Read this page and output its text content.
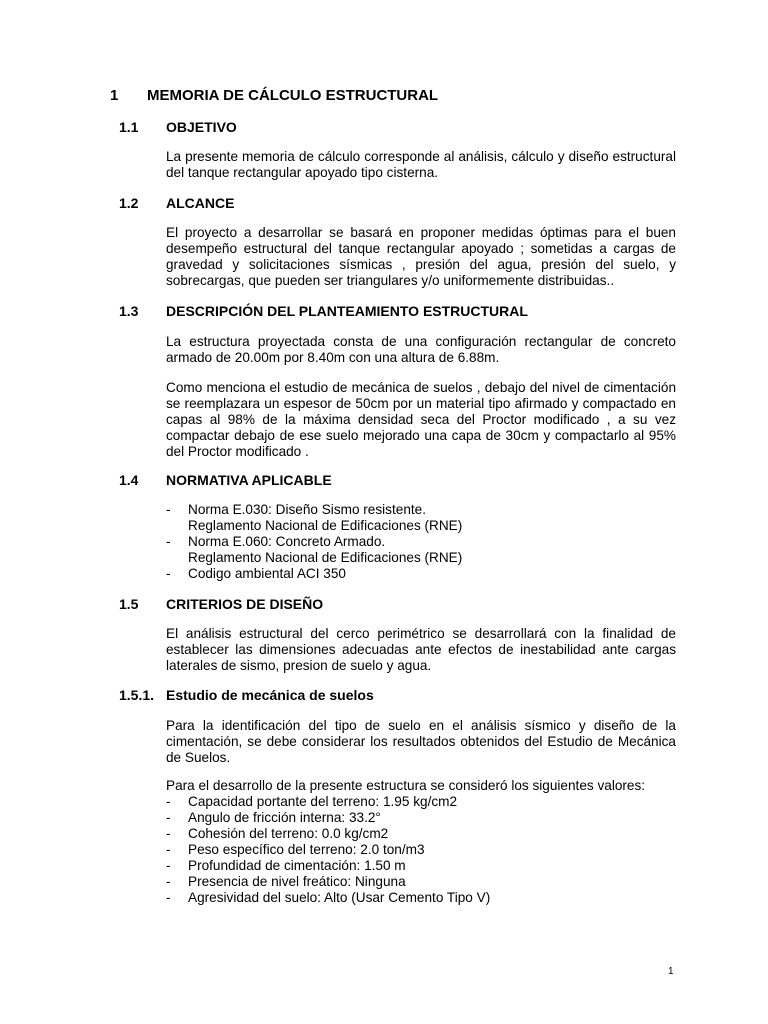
1 MEMORIA DE CÁLCULO ESTRUCTURAL
1.1 OBJETIVO
La presente memoria de cálculo corresponde al análisis, cálculo y diseño estructural del tanque rectangular apoyado tipo cisterna.
1.2 ALCANCE
El proyecto a desarrollar se basará en proponer medidas óptimas para el buen desempeño estructural del tanque rectangular apoyado ; sometidas a cargas de gravedad y solicitaciones sísmicas , presión del agua, presión del suelo, y sobrecargas, que pueden ser triangulares y/o uniformemente distribuidas..
1.3 DESCRIPCIÓN DEL PLANTEAMIENTO ESTRUCTURAL
La estructura proyectada consta de una configuración rectangular de concreto armado de 20.00m por 8.40m con una altura de 6.88m.
Como menciona el estudio de mecánica de suelos , debajo del nivel de cimentación se reemplazara un espesor de 50cm por un material tipo afirmado y compactado en capas al 98% de la máxima densidad seca del Proctor modificado , a su vez compactar debajo de ese suelo mejorado una capa de 30cm y compactarlo al 95% del Proctor modificado .
1.4 NORMATIVA APLICABLE
- Norma E.030: Diseño Sismo resistente.
Reglamento Nacional de Edificaciones (RNE)
- Norma E.060: Concreto Armado.
Reglamento Nacional de Edificaciones (RNE)
- Codigo ambiental ACI 350
1.5 CRITERIOS DE DISEÑO
El análisis estructural del cerco perimétrico se desarrollará con la finalidad de establecer las dimensiones adecuadas ante efectos de inestabilidad ante cargas laterales de sismo, presion de suelo y agua.
1.5.1. Estudio de mecánica de suelos
Para la identificación del tipo de suelo en el análisis sísmico y diseño de la cimentación, se debe considerar los resultados obtenidos del Estudio de Mecánica de Suelos.
Para el desarrollo de la presente estructura se consideró los siguientes valores:
- Capacidad portante del terreno: 1.95 kg/cm2
- Angulo de fricción interna: 33.2°
- Cohesión del terreno: 0.0 kg/cm2
- Peso específico del terreno: 2.0 ton/m3
- Profundidad de cimentación: 1.50 m
- Presencia de nivel freático: Ninguna
- Agresividad del suelo: Alto (Usar Cemento Tipo V)
1
